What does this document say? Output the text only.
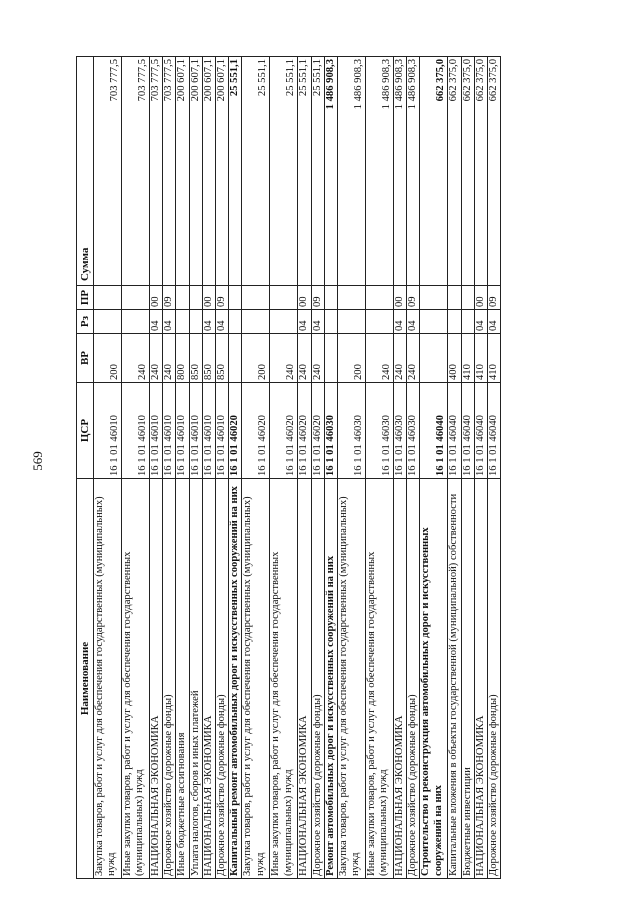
569
Наименование	ЦСР	ВР	Рз	ПР	Сумма
Закупка товаров, работ и услуг для обеспечения государственных (муниципальных) нужд	16 1 01 46010	200			703 777,5
Иные закупки товаров, работ и услуг для обеспечения государственных (муниципальных) нужд	16 1 01 46010	240			703 777,5
НАЦИОНАЛЬНАЯ ЭКОНОМИКА	16 1 01 46010	240	04	00	703 777,5
Дорожное хозяйство (дорожные фонды)	16 1 01 46010	240	04	09	703 777,5
Иные бюджетные ассигнования	16 1 01 46010	800			200 607,1
Уплата налогов, сборов и иных платежей	16 1 01 46010	850			200 607,1
НАЦИОНАЛЬНАЯ ЭКОНОМИКА	16 1 01 46010	850	04	00	200 607,1
Дорожное хозяйство (дорожные фонды)	16 1 01 46010	850	04	09	200 607,1
Капитальный ремонт автомобильных дорог и искусственных сооружений на них	16 1 01 46020				25 551,1
Закупка товаров, работ и услуг для обеспечения государственных (муниципальных) нужд	16 1 01 46020	200			25 551,1
Иные закупки товаров, работ и услуг для обеспечения государственных (муниципальных) нужд	16 1 01 46020	240			25 551,1
НАЦИОНАЛЬНАЯ ЭКОНОМИКА	16 1 01 46020	240	04	00	25 551,1
Дорожное хозяйство (дорожные фонды)	16 1 01 46020	240	04	09	25 551,1
Ремонт автомобильных дорог и искусственных сооружений на них	16 1 01 46030				1 486 908,3
Закупка товаров, работ и услуг для обеспечения государственных (муниципальных) нужд	16 1 01 46030	200			1 486 908,3
Иные закупки товаров, работ и услуг для обеспечения государственных (муниципальных) нужд	16 1 01 46030	240			1 486 908,3
НАЦИОНАЛЬНАЯ ЭКОНОМИКА	16 1 01 46030	240	04	00	1 486 908,3
Дорожное хозяйство (дорожные фонды)	16 1 01 46030	240	04	09	1 486 908,3
Строительство и реконструкция автомобильных дорог и искусственных сооружений на них	16 1 01 46040				662 375,0
Капитальные вложения в объекты государственной (муниципальной) собственности	16 1 01 46040	400			662 375,0
Бюджетные инвестиции	16 1 01 46040	410			662 375,0
НАЦИОНАЛЬНАЯ ЭКОНОМИКА	16 1 01 46040	410	04	00	662 375,0
Дорожное хозяйство (дорожные фонды)	16 1 01 46040	410	04	09	662 375,0
